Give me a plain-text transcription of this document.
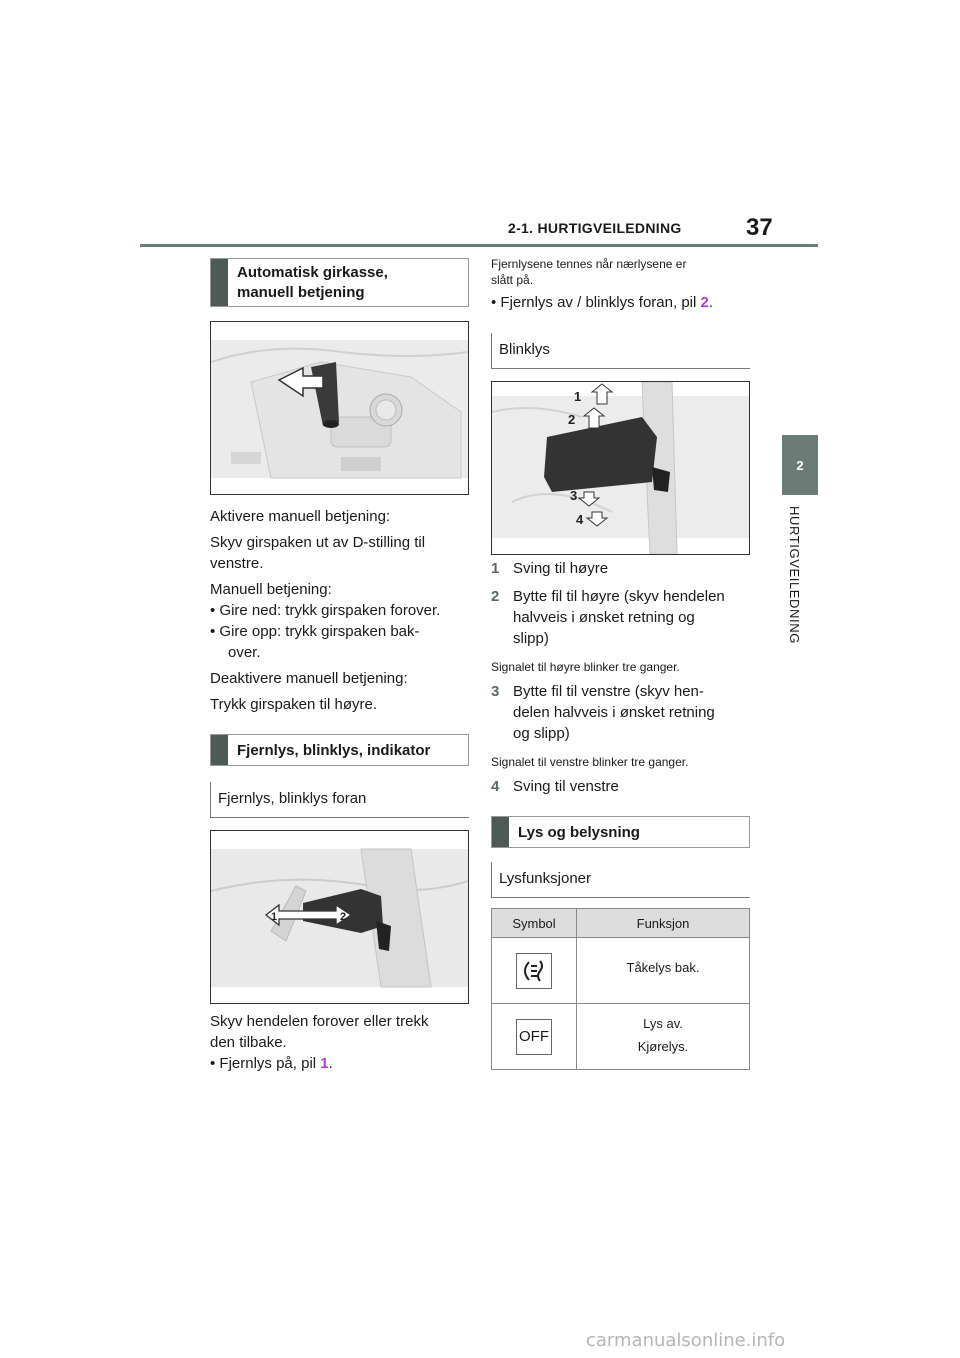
2-1. HURTIGVEILEDNING	37
2
HURTIGVEILEDNING
Automatisk girkasse,
manuell betjening
Aktivere manuell betjening:
Skyv girspaken ut av D-stilling til
venstre.
Manuell betjening:
• Gire ned: trykk girspaken forover.
• Gire opp: trykk girspaken bak-
over.
Deaktivere manuell betjening:
Trykk girspaken til høyre.
Fjernlys, blinklys, indikator
Fjernlys, blinklys foran
1	2
Skyv hendelen forover eller trekk
den tilbake.
• Fjernlys på, pil 1.
Fjernlysene tennes når nærlysene er
slått på.
• Fjernlys av / blinklys foran, pil 2.
Blinklys
1
2
3
4
1 Sving til høyre
2 Bytte fil til høyre (skyv hendelen
halvveis i ønsket retning og
slipp)
Signalet til høyre blinker tre ganger.
3 Bytte fil til venstre (skyv hen-
delen halvveis i ønsket retning
og slipp)
Signalet til venstre blinker tre ganger.
4 Sving til venstre
Lys og belysning
Lysfunksjoner
Symbol	Funksjon

	Tåkelys bak.

OFF	Lys av.
Kjørelys.
carmanualsonline.info
